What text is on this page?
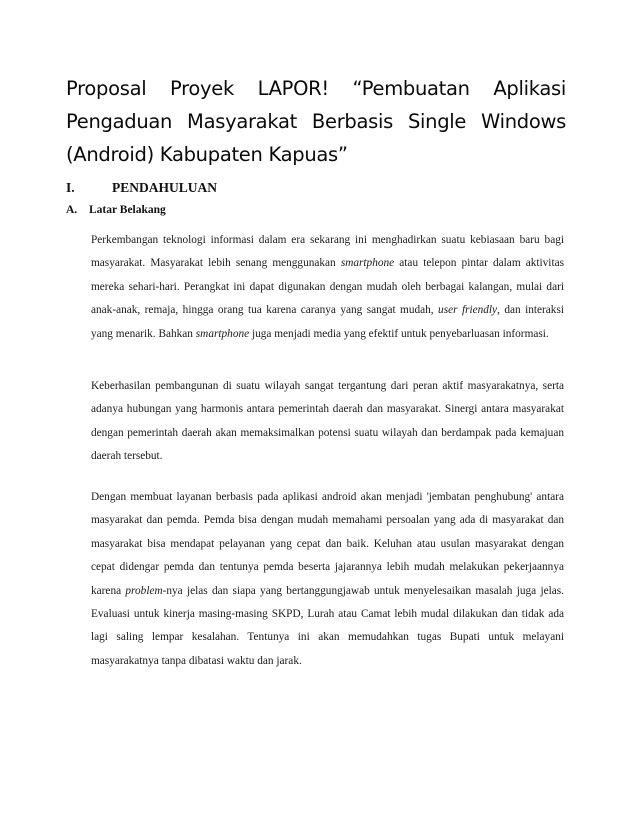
Proposal Proyek LAPOR! “Pembuatan Aplikasi Pengaduan Masyarakat Berbasis Single Windows (Android) Kabupaten Kapuas”
I.	PENDAHULUAN
A. Latar Belakang

Perkembangan teknologi informasi dalam era sekarang ini menghadirkan suatu kebiasaan baru bagi masyarakat. Masyarakat lebih senang menggunakan smartphone atau telepon pintar dalam aktivitas mereka sehari-hari. Perangkat ini dapat digunakan dengan mudah oleh berbagai kalangan, mulai dari anak-anak, remaja, hingga orang tua karena caranya yang sangat mudah, user friendly, dan interaksi yang menarik. Bahkan smartphone juga menjadi media yang efektif untuk penyebarluasan informasi.

Keberhasilan pembangunan di suatu wilayah sangat tergantung dari peran aktif masyarakatnya, serta adanya hubungan yang harmonis antara pemerintah daerah dan masyarakat. Sinergi antara masyarakat dengan pemerintah daerah akan memaksimalkan potensi suatu wilayah dan berdampak pada kemajuan daerah tersebut.

Dengan membuat layanan berbasis pada aplikasi android akan menjadi 'jembatan penghubung' antara masyarakat dan pemda. Pemda bisa dengan mudah memahami persoalan yang ada di masyarakat dan masyarakat bisa mendapat pelayanan yang cepat dan baik. Keluhan atau usulan masyarakat dengan cepat didengar pemda dan tentunya pemda beserta jajarannya lebih mudah melakukan pekerjaannya karena problem-nya jelas dan siapa yang bertanggungjawab untuk menyelesaikan masalah juga jelas. Evaluasi untuk kinerja masing-masing SKPD, Lurah atau Camat lebih mudal dilakukan dan tidak ada lagi saling lempar kesalahan. Tentunya ini akan memudahkan tugas Bupati untuk melayani masyarakatnya tanpa dibatasi waktu dan jarak.
